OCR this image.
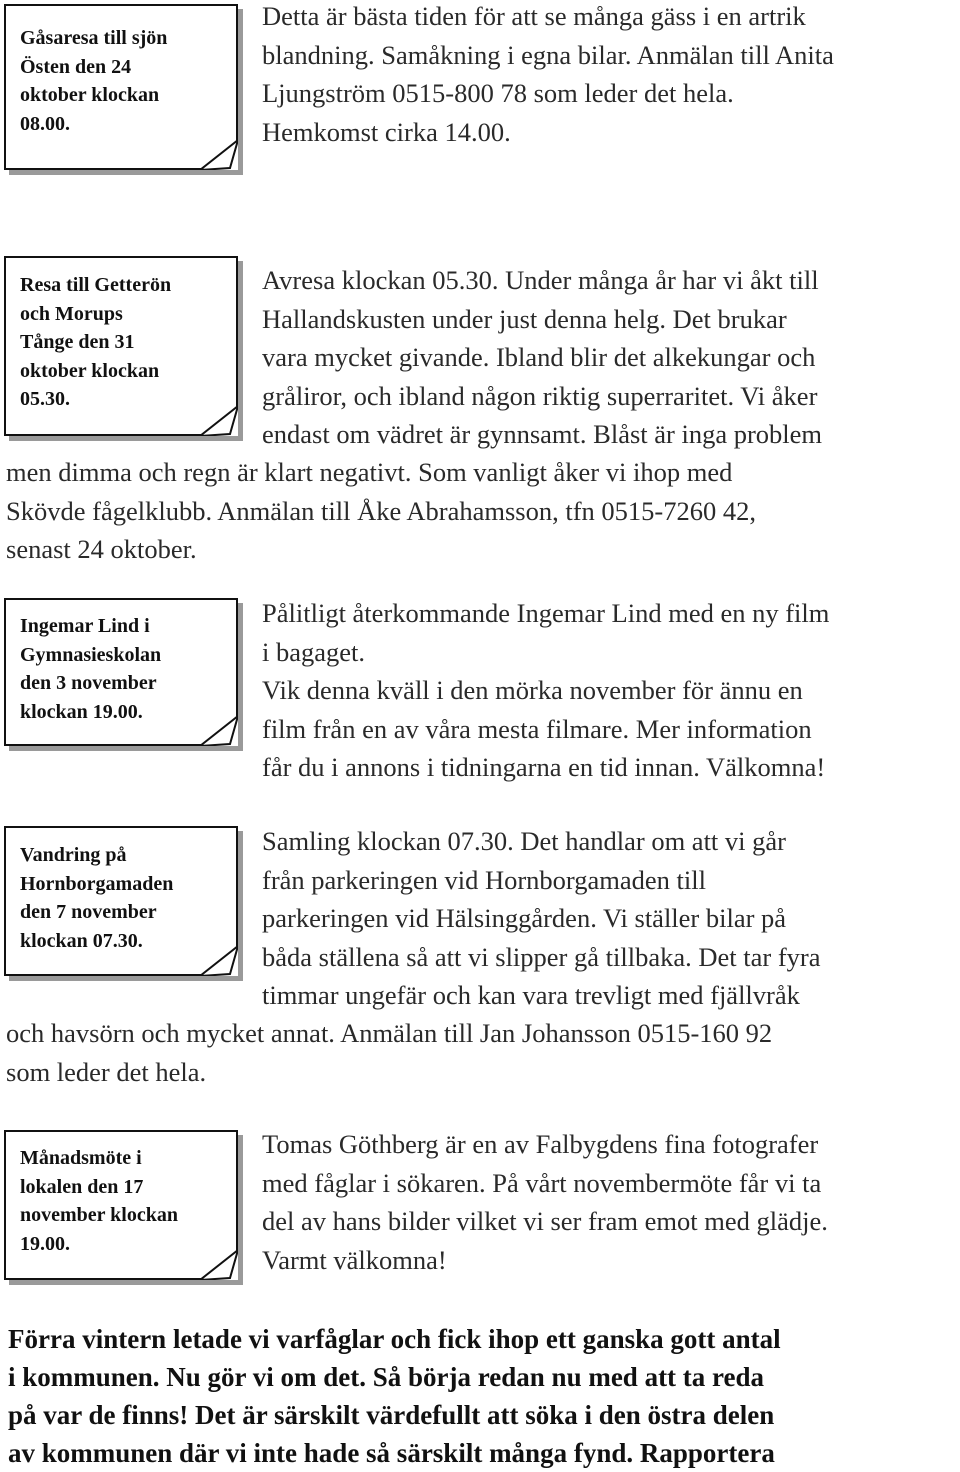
Gåsaresa till sjön
Östen den 24
oktober klockan
08.00.
Detta är bästa tiden för att se många gäss i en artrik
blandning. Samåkning i egna bilar. Anmälan till Anita
Ljungström 0515-800 78 som leder det hela.
Hemkomst cirka 14.00.
Resa till Getterön
och Morups
Tånge den 31
oktober klockan
05.30.
Avresa klockan 05.30. Under många år har vi åkt till
Hallandskusten under just denna helg. Det brukar
vara mycket givande. Ibland blir det alkekungar och
gråliror, och ibland någon riktig superraritet. Vi åker
endast om vädret är gynnsamt. Blåst är inga problem
men dimma och regn är klart negativt. Som vanligt åker vi ihop med
Skövde fågelklubb. Anmälan till Åke Abrahamsson, tfn 0515-7260 42,
senast 24 oktober.
Ingemar Lind i
Gymnasieskolan
den 3 november
klockan 19.00.
Pålitligt återkommande Ingemar Lind med en ny film
i bagaget.
Vik denna kväll i den mörka november för ännu en
film från en av våra mesta filmare. Mer information
får du i annons i tidningarna en tid innan. Välkomna!
Vandring på
Hornborgamaden
den 7 november
klockan 07.30.
Samling klockan 07.30. Det handlar om att vi går
från parkeringen vid Hornborgamaden till
parkeringen vid Hälsinggården. Vi ställer bilar på
båda ställena så att vi slipper gå tillbaka. Det tar fyra
timmar ungefär och kan vara trevligt med fjällvråk
och havsörn och mycket annat. Anmälan till Jan Johansson 0515-160 92
som leder det hela.
Månadsmöte i
lokalen den 17
november klockan
19.00.
Tomas Göthberg är en av Falbygdens fina fotografer
med fåglar i sökaren. På vårt novembermöte får vi ta
del av hans bilder vilket vi ser fram emot med glädje.
Varmt välkomna!
Förra vintern letade vi varfåglar och fick ihop ett ganska gott antal
i kommunen. Nu gör vi om det. Så börja redan nu med att ta reda
på var de finns! Det är särskilt värdefullt att söka i den östra delen
av kommunen där vi inte hade så särskilt många fynd. Rapportera
